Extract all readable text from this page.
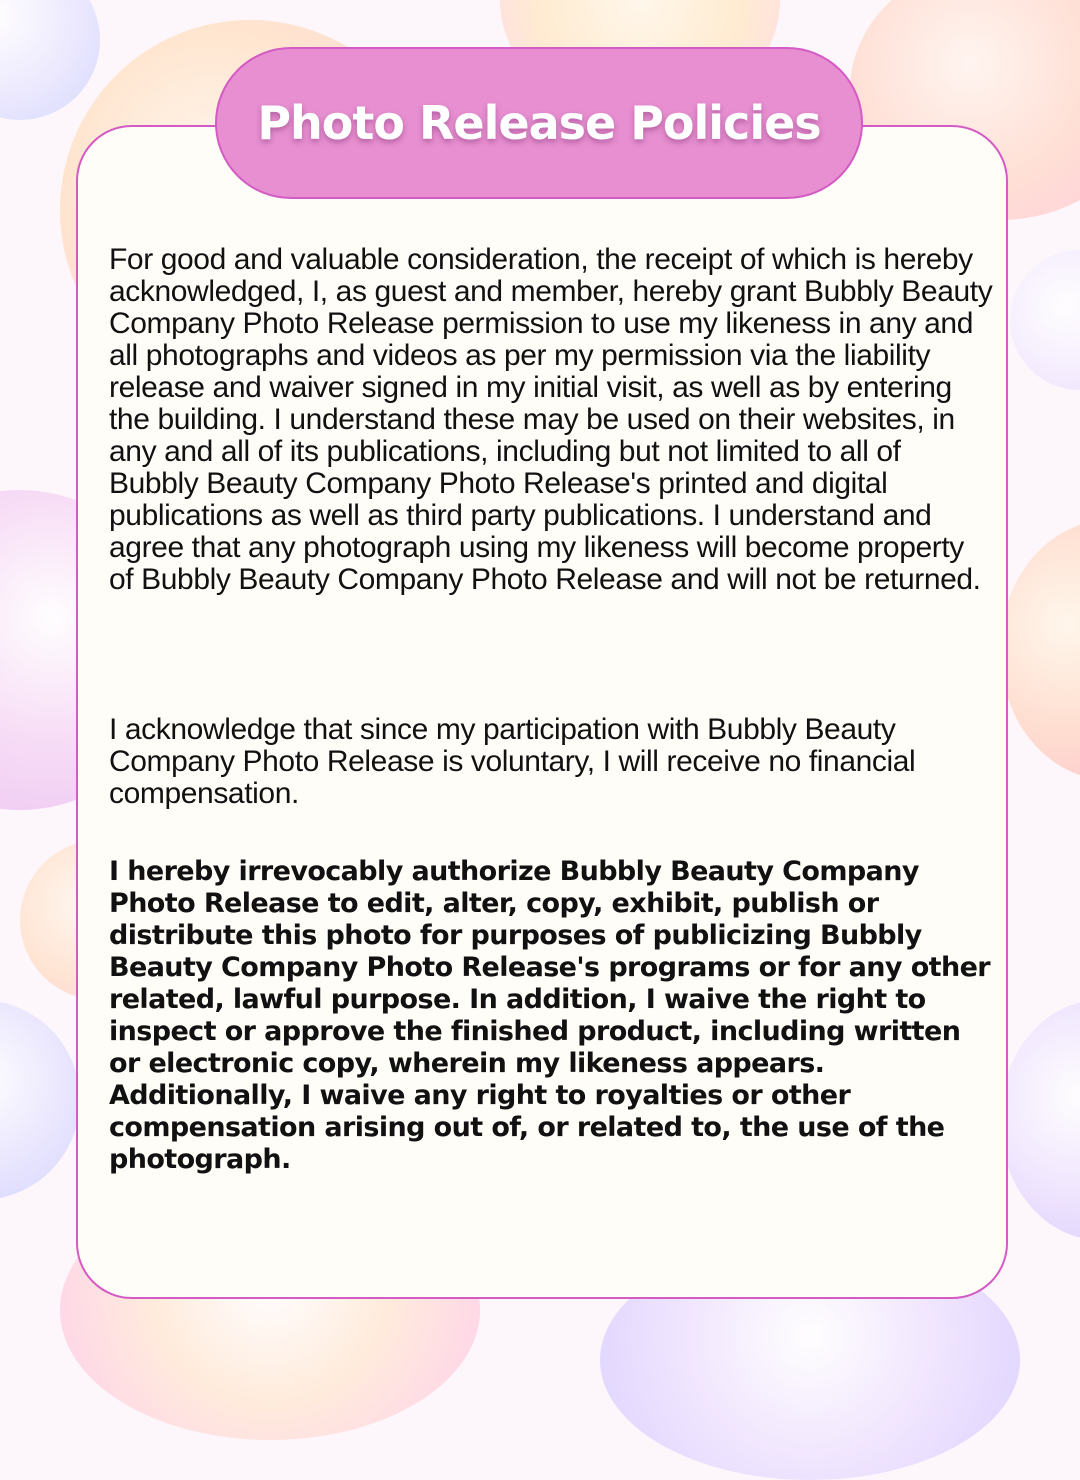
Photo Release Policies

For good and valuable consideration, the receipt of which is hereby acknowledged, I, as guest and member, hereby grant Bubbly Beauty Company Photo Release permission to use my likeness in any and all photographs and videos as per my permission via the liability release and waiver signed in my initial visit, as well as by entering the building. I understand these may be used on their websites, in any and all of its publications, including but not limited to all of Bubbly Beauty Company Photo Release's printed and digital publications as well as third party publications. I understand and agree that any photograph using my likeness will become property of Bubbly Beauty Company Photo Release and will not be returned.

I acknowledge that since my participation with Bubbly Beauty Company Photo Release is voluntary, I will receive no financial compensation.

I hereby irrevocably authorize Bubbly Beauty Company Photo Release to edit, alter, copy, exhibit, publish or distribute this photo for purposes of publicizing Bubbly Beauty Company Photo Release's programs or for any other related, lawful purpose. In addition, I waive the right to inspect or approve the finished product, including written or electronic copy, wherein my likeness appears. Additionally, I waive any right to royalties or other compensation arising out of, or related to, the use of the photograph.
